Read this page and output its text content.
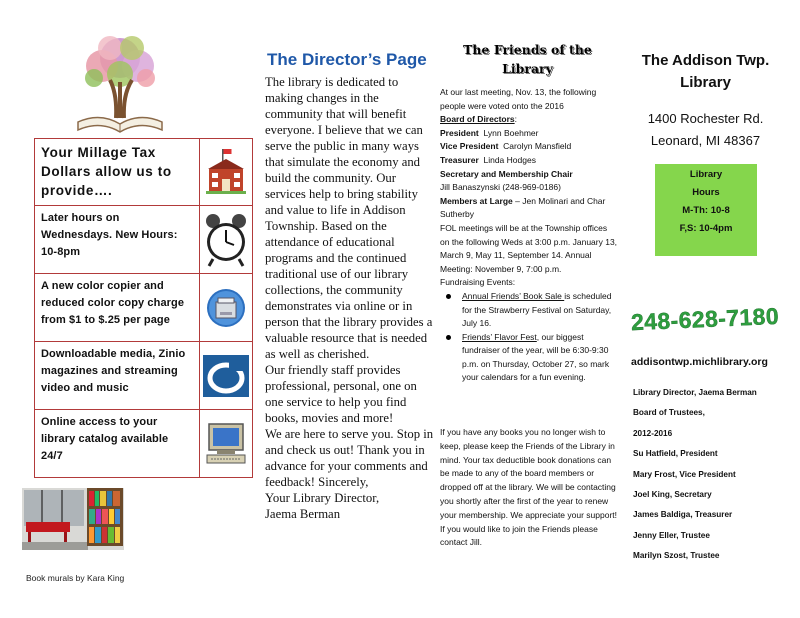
Your Millage Tax Dollars allow us to provide….
Later hours on Wednesdays. New Hours: 10-8pm
A new color copier and reduced color copy charge from $1 to $.25 per page
Downloadable media, Zinio magazines and streaming video and music
Online access to your library catalog available 24/7
Book murals by Kara King
The Director’s Page

The library is dedicated to making changes in the community that will benefit everyone. I believe that we can serve the public in many ways that simulate the economy and build the community. Our services help to bring stability and value to life in Addison Township. Based on the attendance of educational programs and the continued traditional use of our library collections, the community demonstrates via online or in person that the library provides a valuable resource that is needed as well as cherished.

Our friendly staff provides professional, personal, one on one service to help you find books, movies and more!

We are here to serve you. Stop in and check us out! Thank you in advance for your comments and feedback! Sincerely,

Your Library Director,

Jaema Berman

The Friends of the Library

At our last meeting, Nov. 13, the following people were voted onto the 2016

Board of Directors:

President Lynn Boehmer

Vice President Carolyn Mansfield

Treasurer Linda Hodges

Secretary and Membership Chair

Jill Banaszynski (248-969-0186)

Members at Large – Jen Molinari and Char Sutherby

FOL meetings will be at the Township offices on the following Weds at 3:00 p.m. January 13, March 9, May 11, September 14. Annual Meeting: November 9, 7:00 p.m.

Fundraising Events:

Annual Friends’ Book Sale is scheduled for the Strawberry Festival on Saturday, July 16.
Friends’ Flavor Fest, our biggest fundraiser of the year, will be 6:30-9:30 p.m. on Thursday, October 27, so mark your calendars for a fun evening.
If you have any books you no longer wish to keep, please keep the Friends of the Library in mind. Your tax deductible book donations can be made to any of the board members or dropped off at the library. We will be contacting you shortly after the first of the year to renew your membership. We appreciate your support! If you would like to join the Friends please contact Jill.
The Addison Twp. Library
1400 Rochester Rd.
Leonard, MI 48367
Library
Hours
M-Th: 10-8
F,S: 10-4pm
248-628-7180
addisontwp.michlibrary.org
Library Director, Jaema Berman
Board of Trustees,
2012-2016
Su Hatfield, President
Mary Frost, Vice President
Joel King, Secretary
James Baldiga, Treasurer
Jenny Eller, Trustee
Marilyn Szost, Trustee
